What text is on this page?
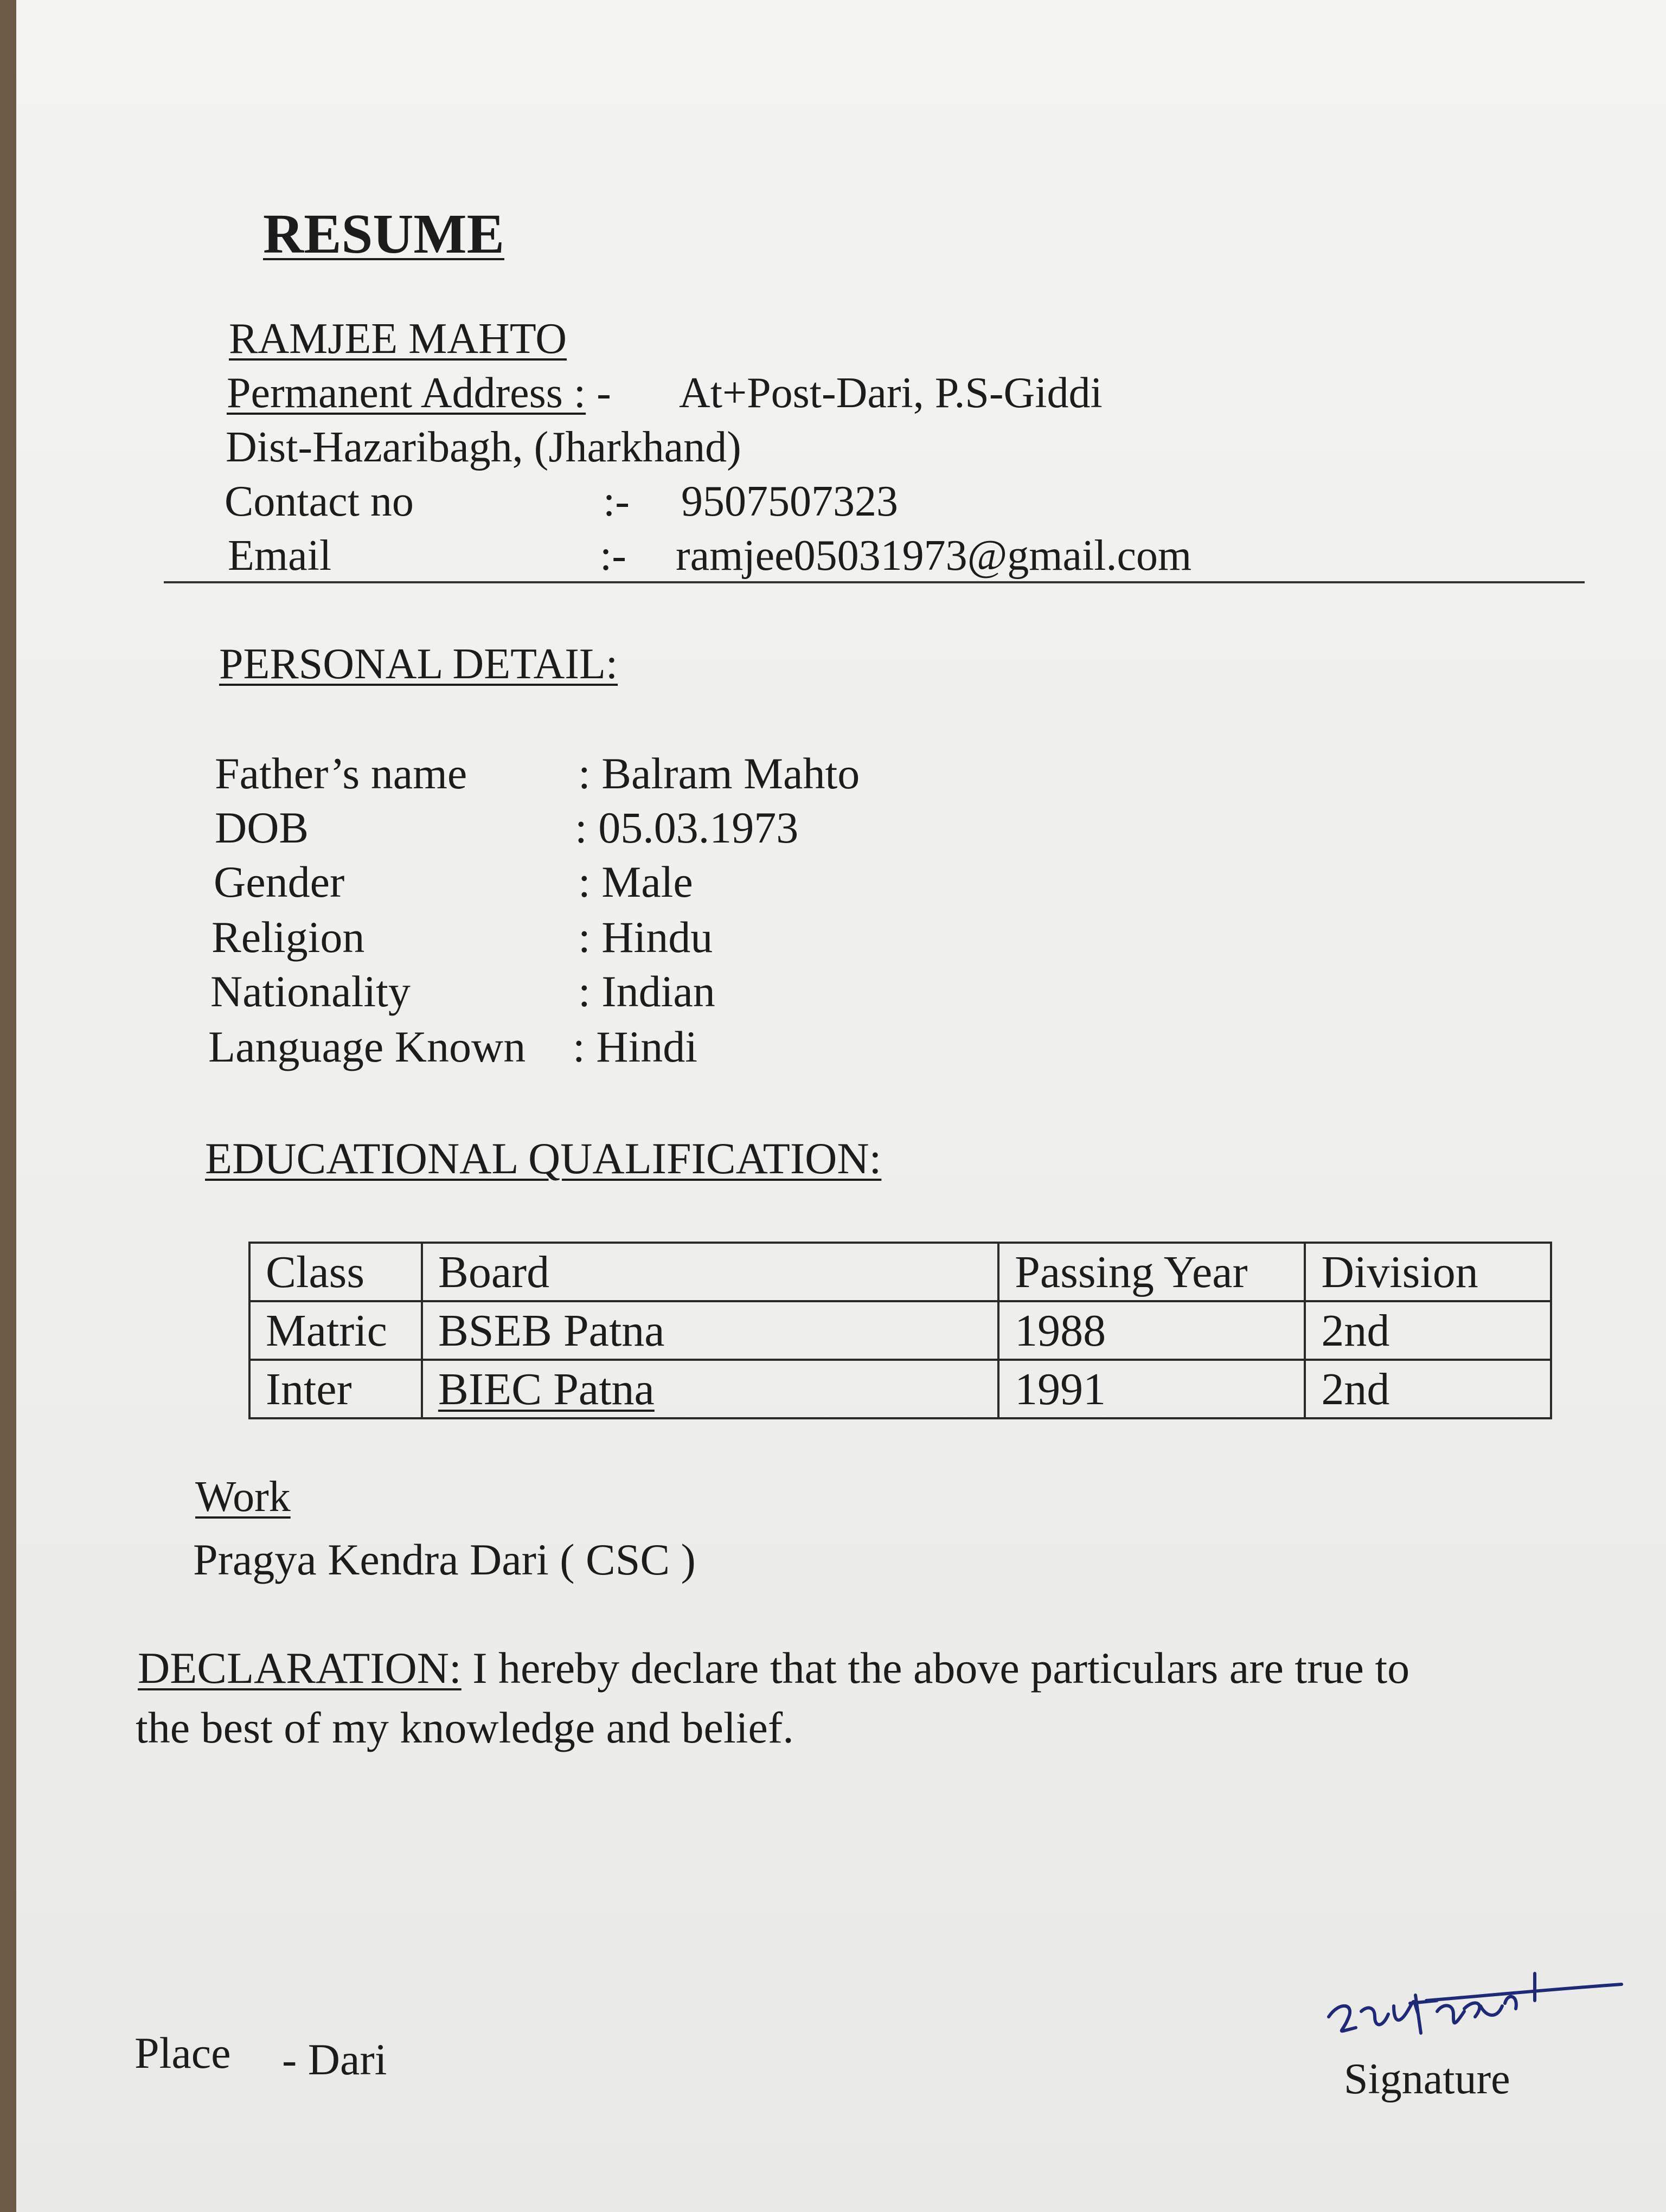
RESUME
RAMJEE MAHTO
Permanent Address : - At+Post-Dari, P.S-Giddi
Dist-Hazaribagh, (Jharkhand)
Contact no	:- 9507507323
Email	:- ramjee05031973@gmail.com
PERSONAL DETAIL:
Father’s name : Balram Mahto
DOB	: 05.03.1973
Gender	: Male
Religion	: Hindu
Nationality	: Indian
Language Known : Hindi
EDUCATIONAL QUALIFICATION:
Class	Board	Passing Year	Division
Matric	BSEB Patna	1988	2nd
Inter	BIEC Patna	1991	2nd
Work
Pragya Kendra Dari ( CSC )
DECLARATION: I hereby declare that the above particulars are true to
the best of my knowledge and belief.
Place - Dari	Signature
